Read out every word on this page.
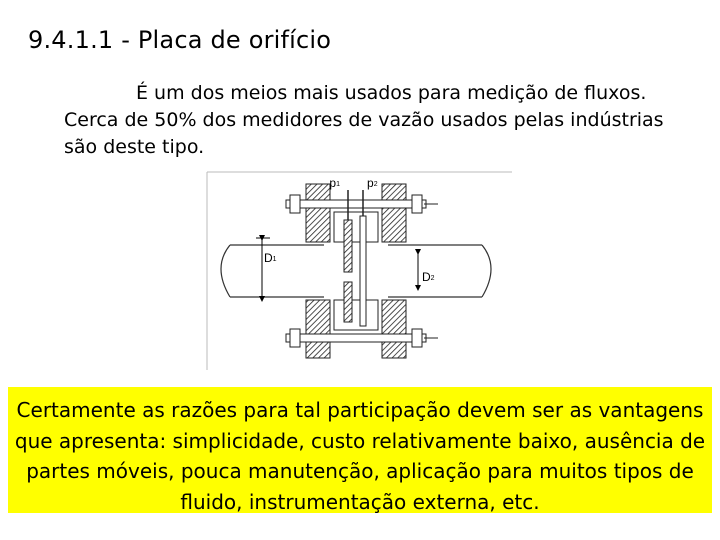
9.4.1.1 - Placa de orifício
É um dos meios mais usados para medição de fluxos. Cerca de 50% dos medidores de vazão usados pelas indústrias são deste tipo.
p1 p2
D1
D2
Certamente as razões para tal participação devem ser as vantagens que apresenta: simplicidade, custo relativamente baixo, ausência de partes móveis, pouca manutenção, aplicação para muitos tipos de fluido, instrumentação externa, etc.
